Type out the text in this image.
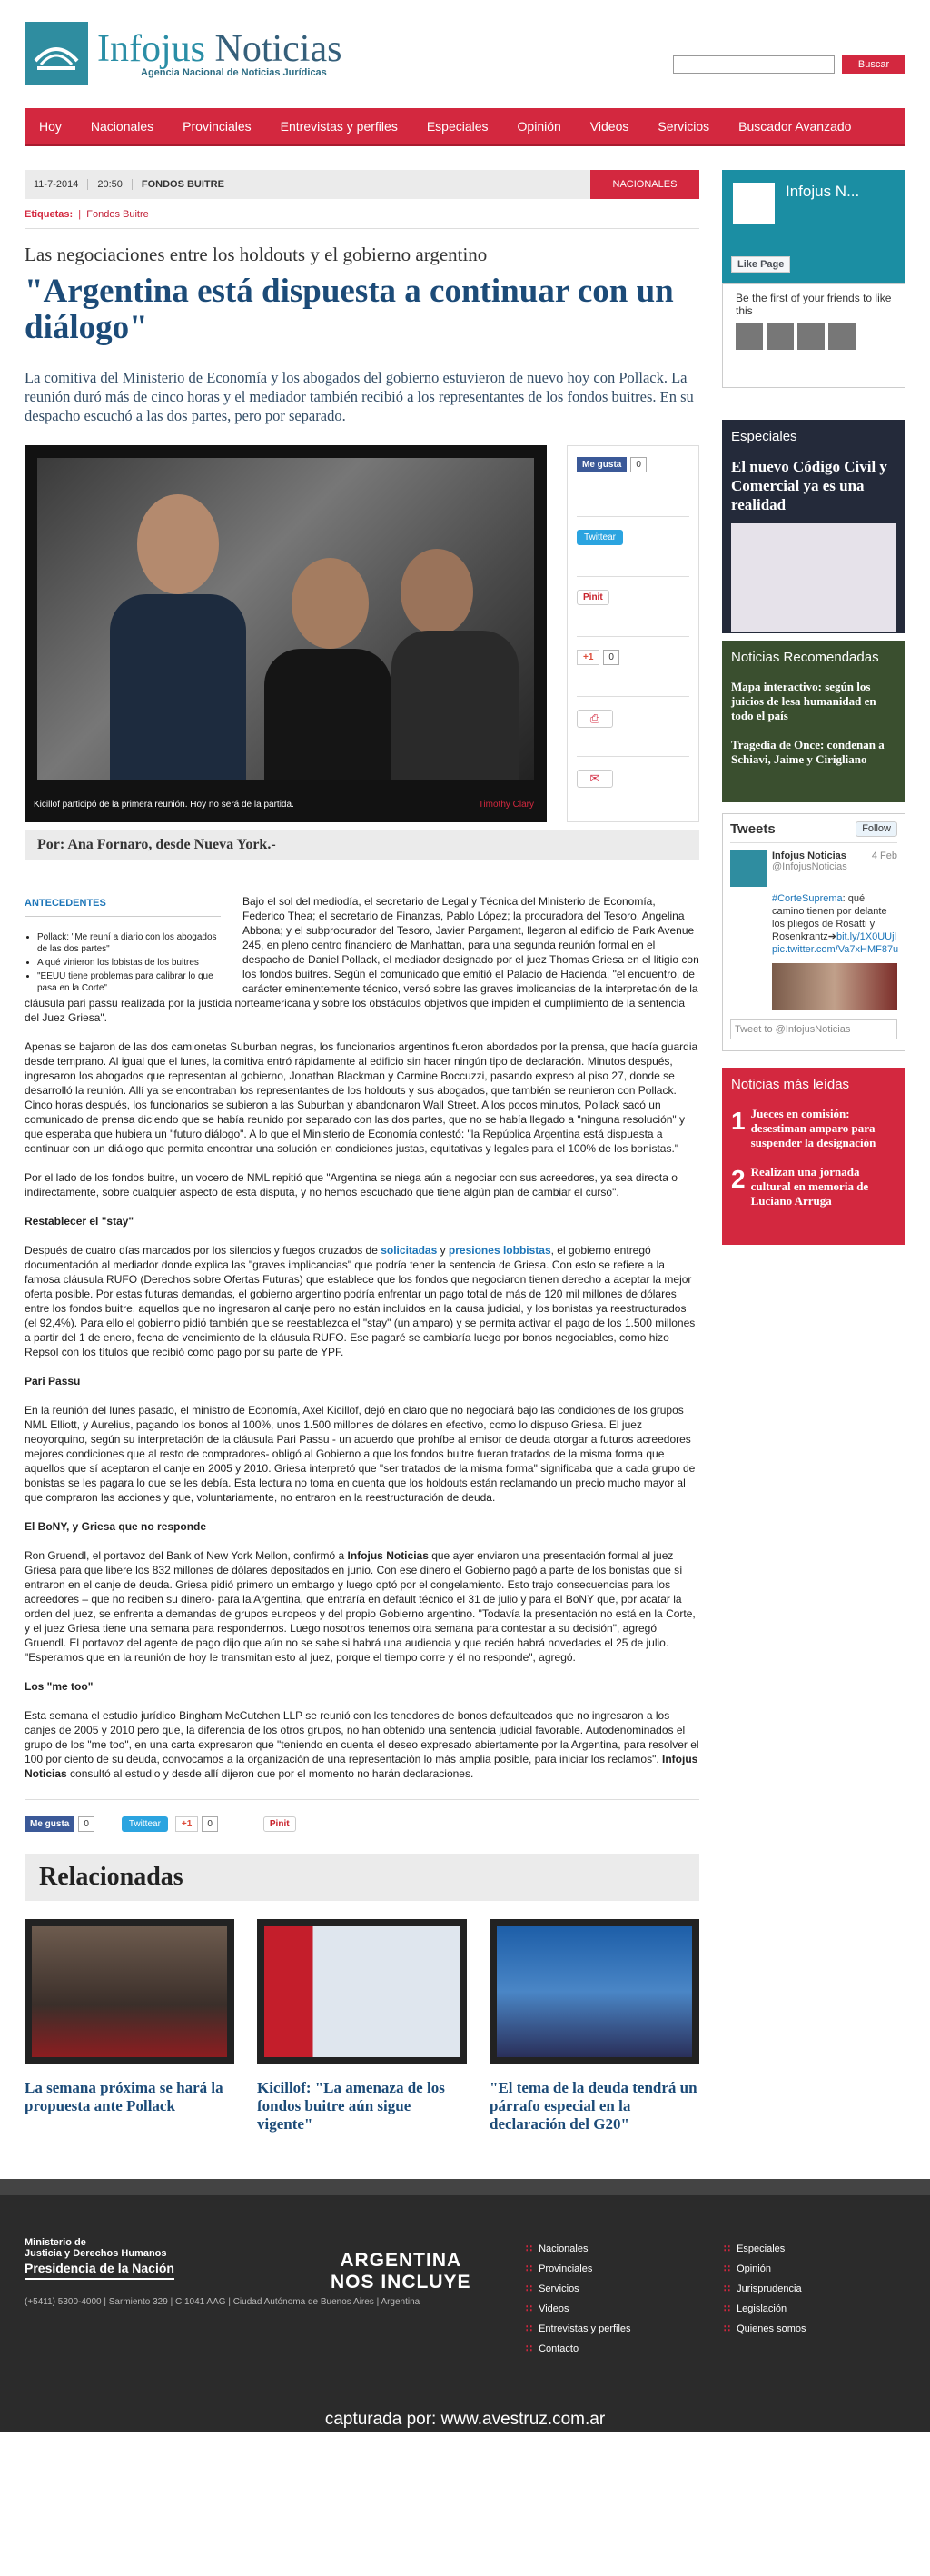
Infojus Noticias
Agencia Nacional de Noticias Jurídicas
Buscar
Hoy	Nacionales	Provinciales	Entrevistas y perfiles	Especiales	Opinión	Videos	Servicios	Buscador Avanzado
11-7-2014	20:50	FONDOS BUITRE	NACIONALES
Etiquetas:  |  Fondos Buitre
Las negociaciones entre los holdouts y el gobierno argentino
"Argentina está dispuesta a continuar con un diálogo"
La comitiva del Ministerio de Economía y los abogados del gobierno estuvieron de nuevo hoy con Pollack. La reunión duró más de cinco horas y el mediador también recibió a los representantes de los fondos buitres. En su despacho escuchó a las dos partes, pero por separado.
Kicillof participó de la primera reunión. Hoy no será de la partida.	Timothy Clary
Me gusta	0
Twittear
Pinit
+1	0
⎙
✉
Por: Ana Fornaro, desde Nueva York.-
ANTECEDENTES
• Pollack: "Me reuní a diario con los abogados de las dos partes"
• A qué vinieron los lobistas de los buitres
• "EEUU tiene problemas para calibrar lo que pasa en la Corte"

Bajo el sol del mediodía, el secretario de Legal y Técnica del Ministerio de Economía, Federico Thea; el secretario de Finanzas, Pablo López; la procuradora del Tesoro, Angelina Abbona; y el subprocurador del Tesoro, Javier Pargament, llegaron al edificio de Park Avenue 245, en pleno centro financiero de Manhattan, para una segunda reunión formal en el despacho de Daniel Pollack, el mediador designado por el juez Thomas Griesa en el litigio con los fondos buitres. Según el comunicado que emitió el Palacio de Hacienda, "el encuentro, de carácter eminentemente técnico, versó sobre las graves implicancias de la interpretación de la cláusula pari passu realizada por la justicia norteamericana y sobre los obstáculos objetivos que impiden el cumplimiento de la sentencia del Juez Griesa".

Apenas se bajaron de las dos camionetas Suburban negras, los funcionarios argentinos fueron abordados por la prensa, que hacía guardia desde temprano. Al igual que el lunes, la comitiva entró rápidamente al edificio sin hacer ningún tipo de declaración. Minutos después, ingresaron los abogados que representan al gobierno, Jonathan Blackman y Carmine Boccuzzi, pasando expreso al piso 27, donde se desarrolló la reunión. Allí ya se encontraban los representantes de los holdouts y sus abogados, que también se reunieron con Pollack. Cinco horas después, los funcionarios se subieron a las Suburban y abandonaron Wall Street. A los pocos minutos, Pollack sacó un comunicado de prensa diciendo que se había reunido por separado con las dos partes, que no se había llegado a "ninguna resolución" y que esperaba que hubiera un "futuro diálogo". A lo que el Ministerio de Economía contestó: "la República Argentina está dispuesta a continuar con un diálogo que permita encontrar una solución en condiciones justas, equitativas y legales para el 100% de los bonistas."

Por el lado de los fondos buitre, un vocero de NML repitió que "Argentina se niega aún a negociar con sus acreedores, ya sea directa o indirectamente, sobre cualquier aspecto de esta disputa, y no hemos escuchado que tiene algún plan de cambiar el curso".

Restablecer el "stay"

Después de cuatro días marcados por los silencios y fuegos cruzados de solicitadas y presiones lobbistas, el gobierno entregó documentación al mediador donde explica las "graves implicancias" que podría tener la sentencia de Griesa. Con esto se refiere a la famosa cláusula RUFO (Derechos sobre Ofertas Futuras) que establece que los fondos que negociaron tienen derecho a aceptar la mejor oferta posible. Por estas futuras demandas, el gobierno argentino podría enfrentar un pago total de más de 120 mil millones de dólares entre los fondos buitre, aquellos que no ingresaron al canje pero no están incluidos en la causa judicial, y los bonistas ya reestructurados (el 92,4%). Para ello el gobierno pidió también que se reestablezca el "stay" (un amparo) y se permita activar el pago de los 1.500 millones a partir del 1 de enero, fecha de vencimiento de la cláusula RUFO. Ese pagaré se cambiaría luego por bonos negociables, como hizo Repsol con los títulos que recibió como pago por su parte de YPF.

Pari Passu

En la reunión del lunes pasado, el ministro de Economía, Axel Kicillof, dejó en claro que no negociará bajo las condiciones de los grupos NML Elliott, y Aurelius, pagando los bonos al 100%, unos 1.500 millones de dólares en efectivo, como lo dispuso Griesa. El juez neoyorquino, según su interpretación de la cláusula Pari Passu - un acuerdo que prohíbe al emisor de deuda otorgar a futuros acreedores mejores condiciones que al resto de compradores- obligó al Gobierno a que los fondos buitre fueran tratados de la misma forma que aquellos que sí aceptaron el canje en 2005 y 2010. Griesa interpretó que "ser tratados de la misma forma" significaba que a cada grupo de bonistas se les pagara lo que se les debía. Esta lectura no toma en cuenta que los holdouts están reclamando un precio mucho mayor al que compraron las acciones y que, voluntariamente, no entraron en la reestructuración de deuda.

El BoNY, y Griesa que no responde

Ron Gruendl, el portavoz del Bank of New York Mellon, confirmó a Infojus Noticias que ayer enviaron una presentación formal al juez Griesa para que libere los 832 millones de dólares depositados en junio. Con ese dinero el Gobierno pagó a parte de los bonistas que sí entraron en el canje de deuda. Griesa pidió primero un embargo y luego optó por el congelamiento. Esto trajo consecuencias para los acreedores – que no reciben su dinero- para la Argentina, que entraría en default técnico el 31 de julio y para el BoNY que, por acatar la orden del juez, se enfrenta a demandas de grupos europeos y del propio Gobierno argentino. "Todavía la presentación no está en la Corte, y el juez Griesa tiene una semana para respondernos. Luego nosotros tenemos otra semana para contestar a su decisión", agregó Gruendl. El portavoz del agente de pago dijo que aún no se sabe si habrá una audiencia y que recién habrá novedades el 25 de julio. "Esperamos que en la reunión de hoy le transmitan esto al juez, porque el tiempo corre y él no responde", agregó.

Los "me too"

Esta semana el estudio jurídico Bingham McCutchen LLP se reunió con los tenedores de bonos defaulteados que no ingresaron a los canjes de 2005 y 2010 pero que, la diferencia de los otros grupos, no han obtenido una sentencia judicial favorable. Autodenominados el grupo de los "me too", en una carta expresaron que "teniendo en cuenta el deseo expresado abiertamente por la Argentina, para resolver el 100 por ciento de su deuda, convocamos a la organización de una representación lo más amplia posible, para iniciar los reclamos". Infojus Noticias consultó al estudio y desde allí dijeron que por el momento no harán declaraciones.

Me gusta	0	Twittear	+1	0	Pinit
Relacionadas
La semana próxima se hará la propuesta ante Pollack
Kicillof: "La amenaza de los fondos buitre aún sigue vigente"
"El tema de la deuda tendrá un párrafo especial en la declaración del G20"
Infojus N...
Like Page
Be the first of your friends to like this
Especiales
El nuevo Código Civil y Comercial ya es una realidad
Noticias Recomendadas
Mapa interactivo: según los juicios de lesa humanidad en todo el país
Tragedia de Once: condenan a Schiavi, Jaime y Cirigliano
Tweets	Follow
Infojus Noticias	4 Feb
@InfojusNoticias
#CorteSuprema: qué camino tienen por delante los pliegos de Rosatti y Rosenkrantz➔bit.ly/1X0UUjl pic.twitter.com/Va7xHMF87u
Tweet to @InfojusNoticias
Noticias más leídas
1 Jueces en comisión: desestiman amparo para suspender la designación
2 Realizan una jornada cultural en memoria de Luciano Arruga
Ministerio de
Justicia y Derechos Humanos
Presidencia de la Nación	ARGENTINA
NOS INCLUYE
(+5411) 5300-4000 | Sarmiento 329 | C 1041 AAG | Ciudad Autónoma de Buenos Aires | Argentina
∷ Nacionales
∷ Provinciales
∷ Servicios
∷ Videos
∷ Entrevistas y perfiles
∷ Contacto
∷ Especiales
∷ Opinión
∷ Jurisprudencia
∷ Legislación
∷ Quienes somos
capturada por: www.avestruz.com.ar
